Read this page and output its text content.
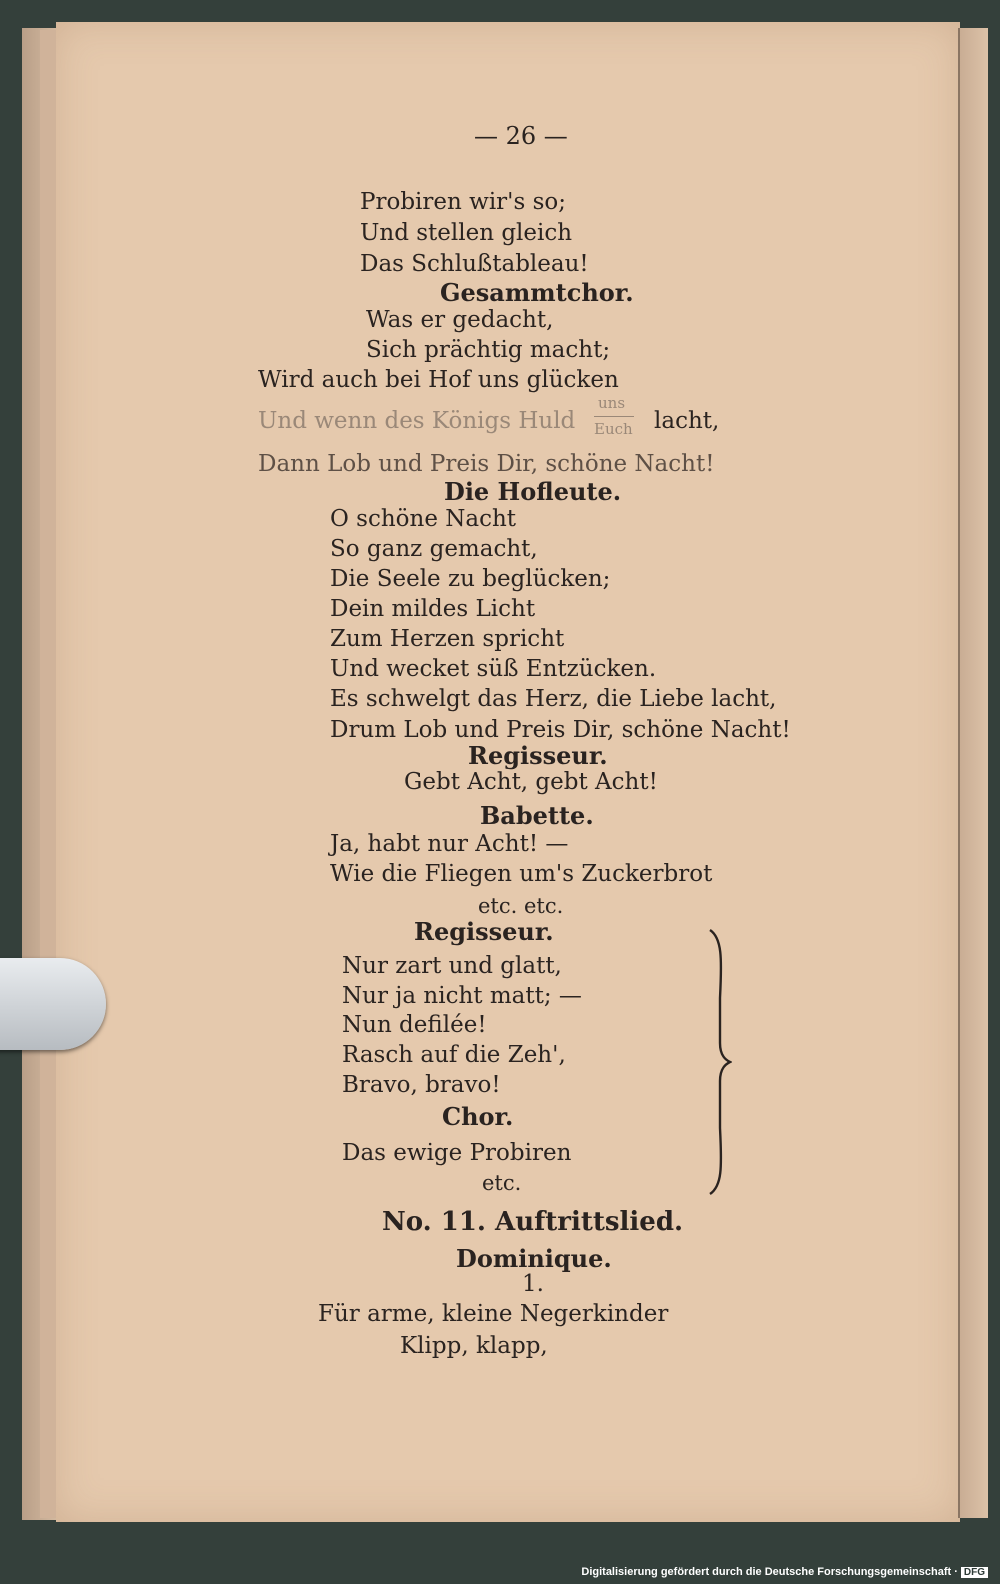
— 26 —
Probiren wir's so;
Und stellen gleich
Das Schlußtableau!
Gesammtchor.
Was er gedacht,
Sich prächtig macht;
Wird auch bei Hof uns glücken
Und wenn des Königs Huld
uns
Euch lacht,
Dann Lob und Preis Dir, schöne Nacht!
Die Hofleute.
O schöne Nacht
So ganz gemacht,
Die Seele zu beglücken;
Dein mildes Licht
Zum Herzen spricht
Und wecket süß Entzücken.
Es schwelgt das Herz, die Liebe lacht,
Drum Lob und Preis Dir, schöne Nacht!
Regisseur.
Gebt Acht, gebt Acht!
Babette.
Ja, habt nur Acht! —
Wie die Fliegen um's Zuckerbrot
etc. etc.
Regisseur.
Nur zart und glatt,
Nur ja nicht matt; —
Nun defilée!
Rasch auf die Zeh',
Bravo, bravo!
Chor.
Das ewige Probiren
etc.
No. 11. Auftrittslied.
Dominique.
1.
Für arme, kleine Negerkinder
Klipp, klapp,
Digitalisierung gefördert durch die Deutsche Forschungsgemeinschaft · DFG
